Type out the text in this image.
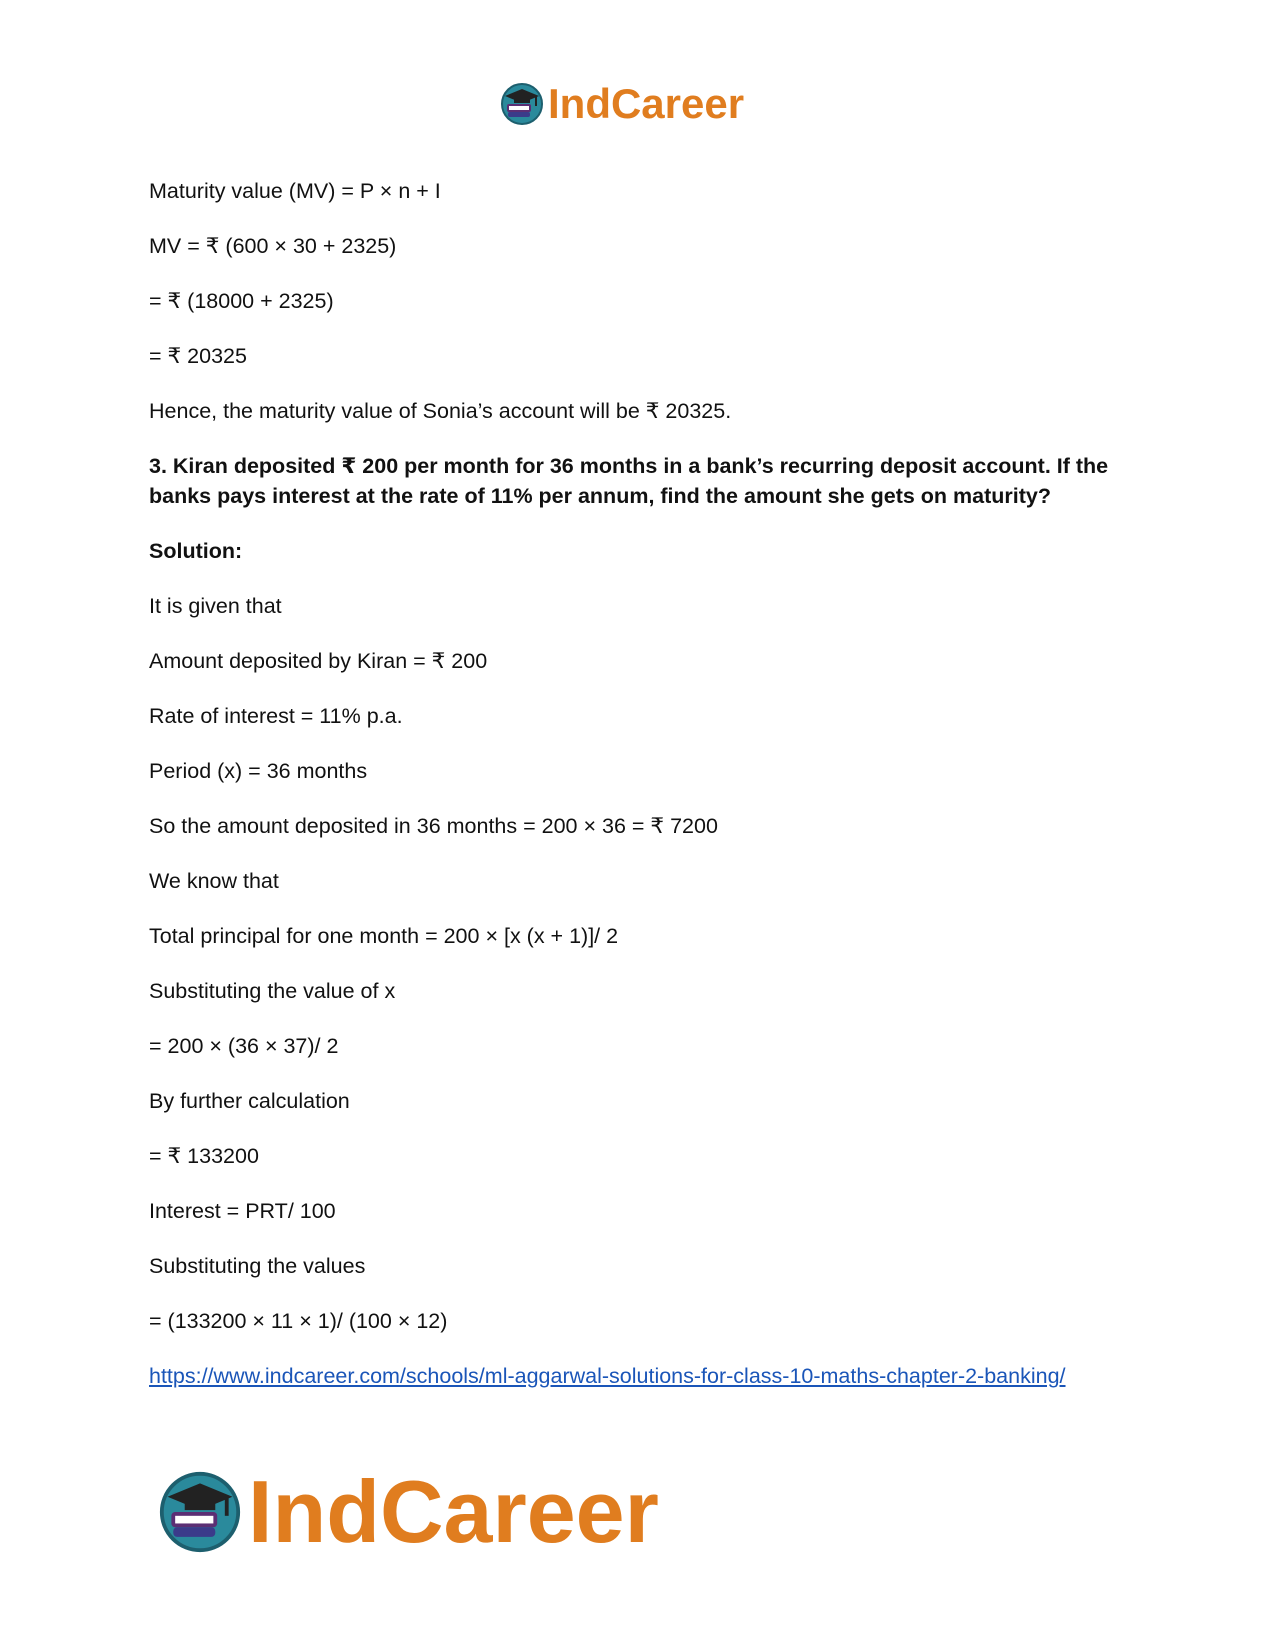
IndCareer

Maturity value (MV) = P × n + I

MV = ₹ (600 × 30 + 2325)

= ₹ (18000 + 2325)

= ₹ 20325

Hence, the maturity value of Sonia’s account will be ₹ 20325.

3. Kiran deposited ₹ 200 per month for 36 months in a bank’s recurring deposit account. If the banks pays interest at the rate of 11% per annum, find the amount she gets on maturity?

Solution:

It is given that

Amount deposited by Kiran = ₹ 200

Rate of interest = 11% p.a.

Period (x) = 36 months

So the amount deposited in 36 months = 200 × 36 = ₹ 7200

We know that

Total principal for one month = 200 × [x (x + 1)]/ 2

Substituting the value of x

= 200 × (36 × 37)/ 2

By further calculation

= ₹ 133200

Interest = PRT/ 100

Substituting the values

= (133200 × 11 × 1)/ (100 × 12)

https://www.indcareer.com/schools/ml-aggarwal-solutions-for-class-10-maths-chapter-2-banking/
IndCareer
